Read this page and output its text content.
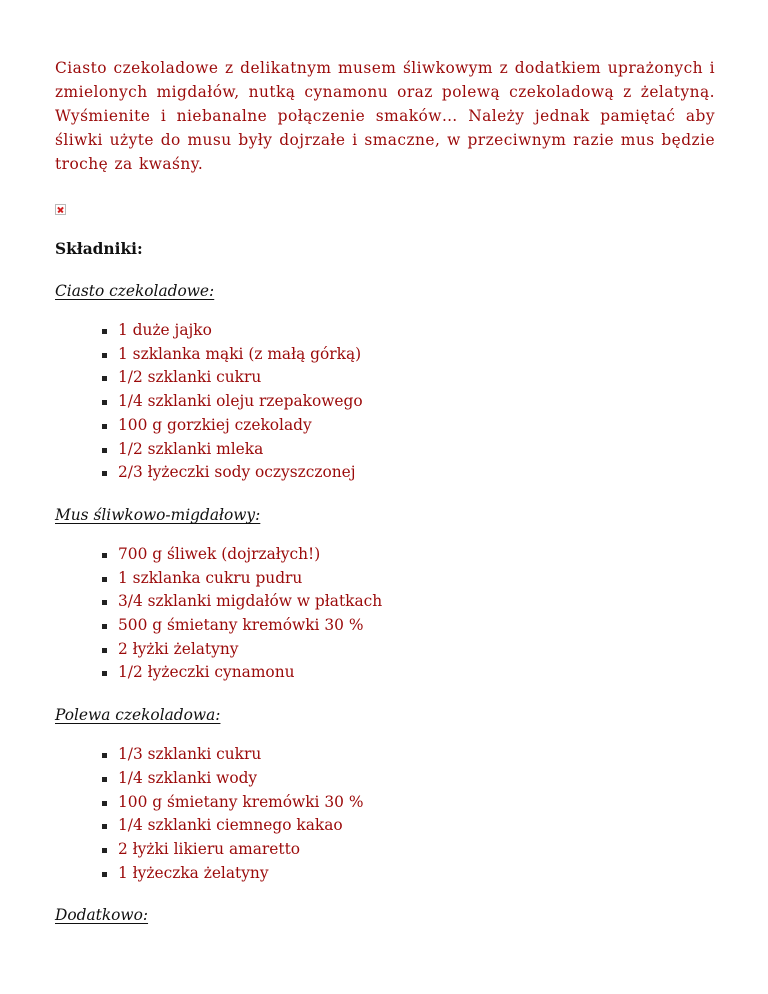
Ciasto czekoladowe z delikatnym musem śliwkowym z dodatkiem uprażonych i zmielonych migdałów, nutką cynamonu oraz polewą czekoladową z żelatyną. Wyśmienite i niebanalne połączenie smaków… Należy jednak pamiętać aby śliwki użyte do musu były dojrzałe i smaczne, w przeciwnym razie mus będzie trochę za kwaśny.

Składniki:
Ciasto czekoladowe:
1 duże jajko
1 szklanka mąki (z małą górką)
1/2 szklanki cukru
1/4 szklanki oleju rzepakowego
100 g gorzkiej czekolady
1/2 szklanki mleka
2/3 łyżeczki sody oczyszczonej
Mus śliwkowo-migdałowy:
700 g śliwek (dojrzałych!)
1 szklanka cukru pudru
3/4 szklanki migdałów w płatkach
500 g śmietany kremówki 30 %
2 łyżki żelatyny
1/2 łyżeczki cynamonu
Polewa czekoladowa:
1/3 szklanki cukru
1/4 szklanki wody
100 g śmietany kremówki 30 %
1/4 szklanki ciemnego kakao
2 łyżki likieru amaretto
1 łyżeczka żelatyny
Dodatkowo:
